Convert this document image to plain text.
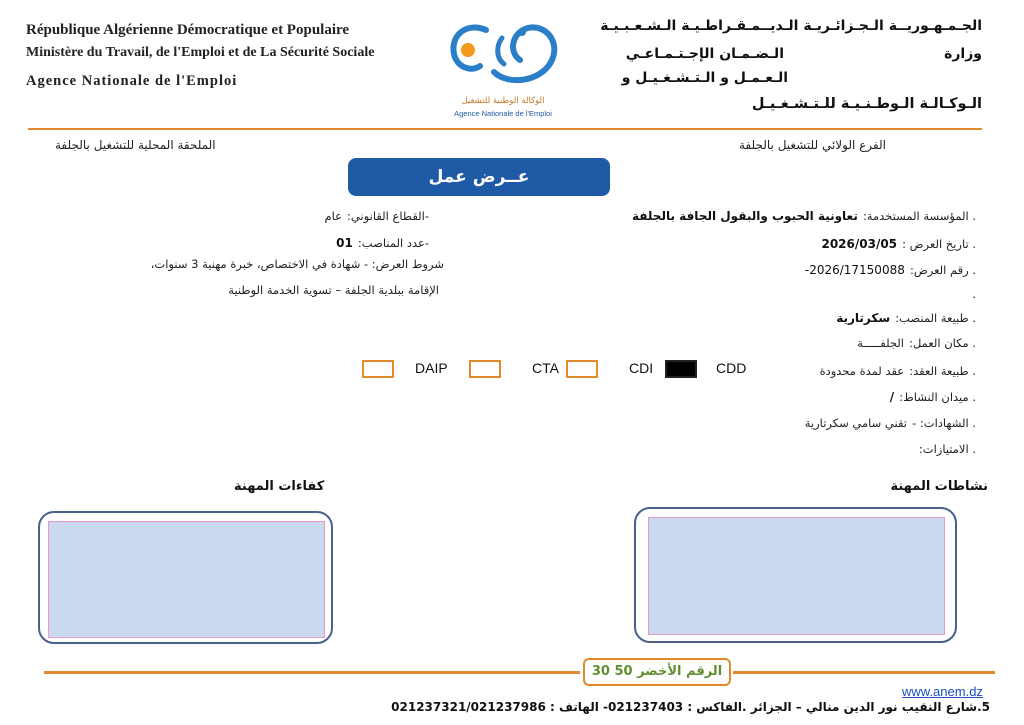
République Algérienne Démocratique et Populaire
Ministère du Travail, de l'Emploi et de La Sécurité Sociale
Agence Nationale de l'Emploi
الوكالة الوطنية للتشغيل
Agence Nationale de l'Emploi
الجـمـهـوريــة الـجـزائـريـة الـديــمـقـراطـيـة الـشـعـبـيـة
وزارة
الـضـمـان الإجـتـمـاعـي
الـعـمـل و الـتـشـغـيـل و
الـوكـالـة الـوطـنـيـة للـتـشـغـيـل
الفرع الولائي للتشغيل بالجلفة
الملحقة المحلية للتشغيل بالجلفة
عــرض عمل
. المؤسسة المستخدمة: تعاونية الحبوب والبقول الجافة بالجلفة
. تاريخ العرض : 2026/03/05
. رقم العرض: 2026/17150088-
.
. طبيعة المنصب: سكرتارية
. مكان العمل: الجلفـــــة
. طبيعة العقد: عقد لمدة محدودة
. ميدان النشاط: /
. الشهادات: - تقني سامي سكرتارية
. الامتيازات:
-القطاع القانوني: عام
-عدد المناصب: 01
شروط العرض: - شهادة في الاختصاص، خبرة مهنية 3 سنوات،
الإقامة ببلدية الجلفة – تسوية الخدمة الوطنية
CDD
CDI
CTA
DAIP
نشاطات المهنة
كفاءات المهنة
الرقم الأخضر 50 30
www.anem.dz
5.شارع النقيب نور الدين منالي – الجزائر .الفاكس : 021237403- الهاتف : 021237321/021237986
